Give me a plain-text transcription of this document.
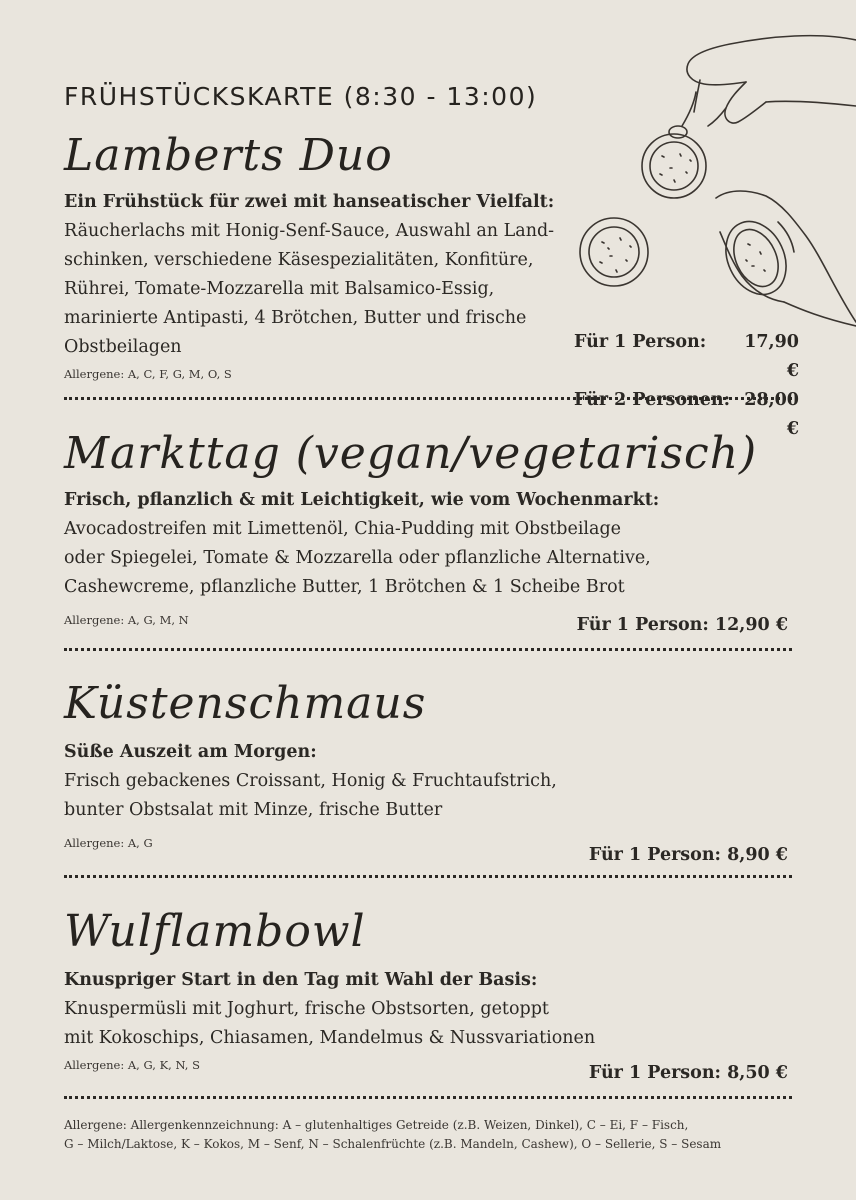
FRÜHSTÜCKSKARTE (8:30 - 13:00)
Lamberts Duo

Ein Frühstück für zwei mit hanseatischer Vielfalt:

Räucherlachs mit Honig-Senf-Sauce, Auswahl an Land-

schinken, verschiedene Käsespezialitäten, Konfitüre,

Rührei, Tomate-Mozzarella mit Balsamico-Essig,

marinierte Antipasti, 4 Brötchen, Butter und frische

Obstbeilagen

Allergene: A, C, F, G, M, O, S

Für 1 Person:	17,90 €
Für 2 Personen: 28,00 €
Markttag (vegan/vegetarisch)

Frisch, pflanzlich & mit Leichtigkeit, wie vom Wochenmarkt:

Avocadostreifen mit Limettenöl, Chia-Pudding mit Obstbeilage

oder Spiegelei, Tomate & Mozzarella oder pflanzliche Alternative,

Cashewcreme, pflanzliche Butter, 1 Brötchen & 1 Scheibe Brot

Allergene: A, G, M, N	Für 1 Person: 12,90 €
Küstenschmaus

Süße Auszeit am Morgen:

Frisch gebackenes Croissant, Honig & Fruchtaufstrich,

bunter Obstsalat mit Minze, frische Butter

Allergene: A, G

Für 1 Person: 8,90 €
Wulflambowl

Knuspriger Start in den Tag mit Wahl der Basis:

Knuspermüsli mit Joghurt, frische Obstsorten, getoppt

mit Kokoschips, Chiasamen, Mandelmus & Nussvariationen

Allergene: A, G, K, N, S	Für 1 Person: 8,50 €
Allergene: Allergenkennzeichnung: A – glutenhaltiges Getreide (z.B. Weizen, Dinkel), C – Ei, F – Fisch,
G – Milch/Laktose, K – Kokos, M – Senf, N – Schalenfrüchte (z.B. Mandeln, Cashew), O – Sellerie, S – Sesam
